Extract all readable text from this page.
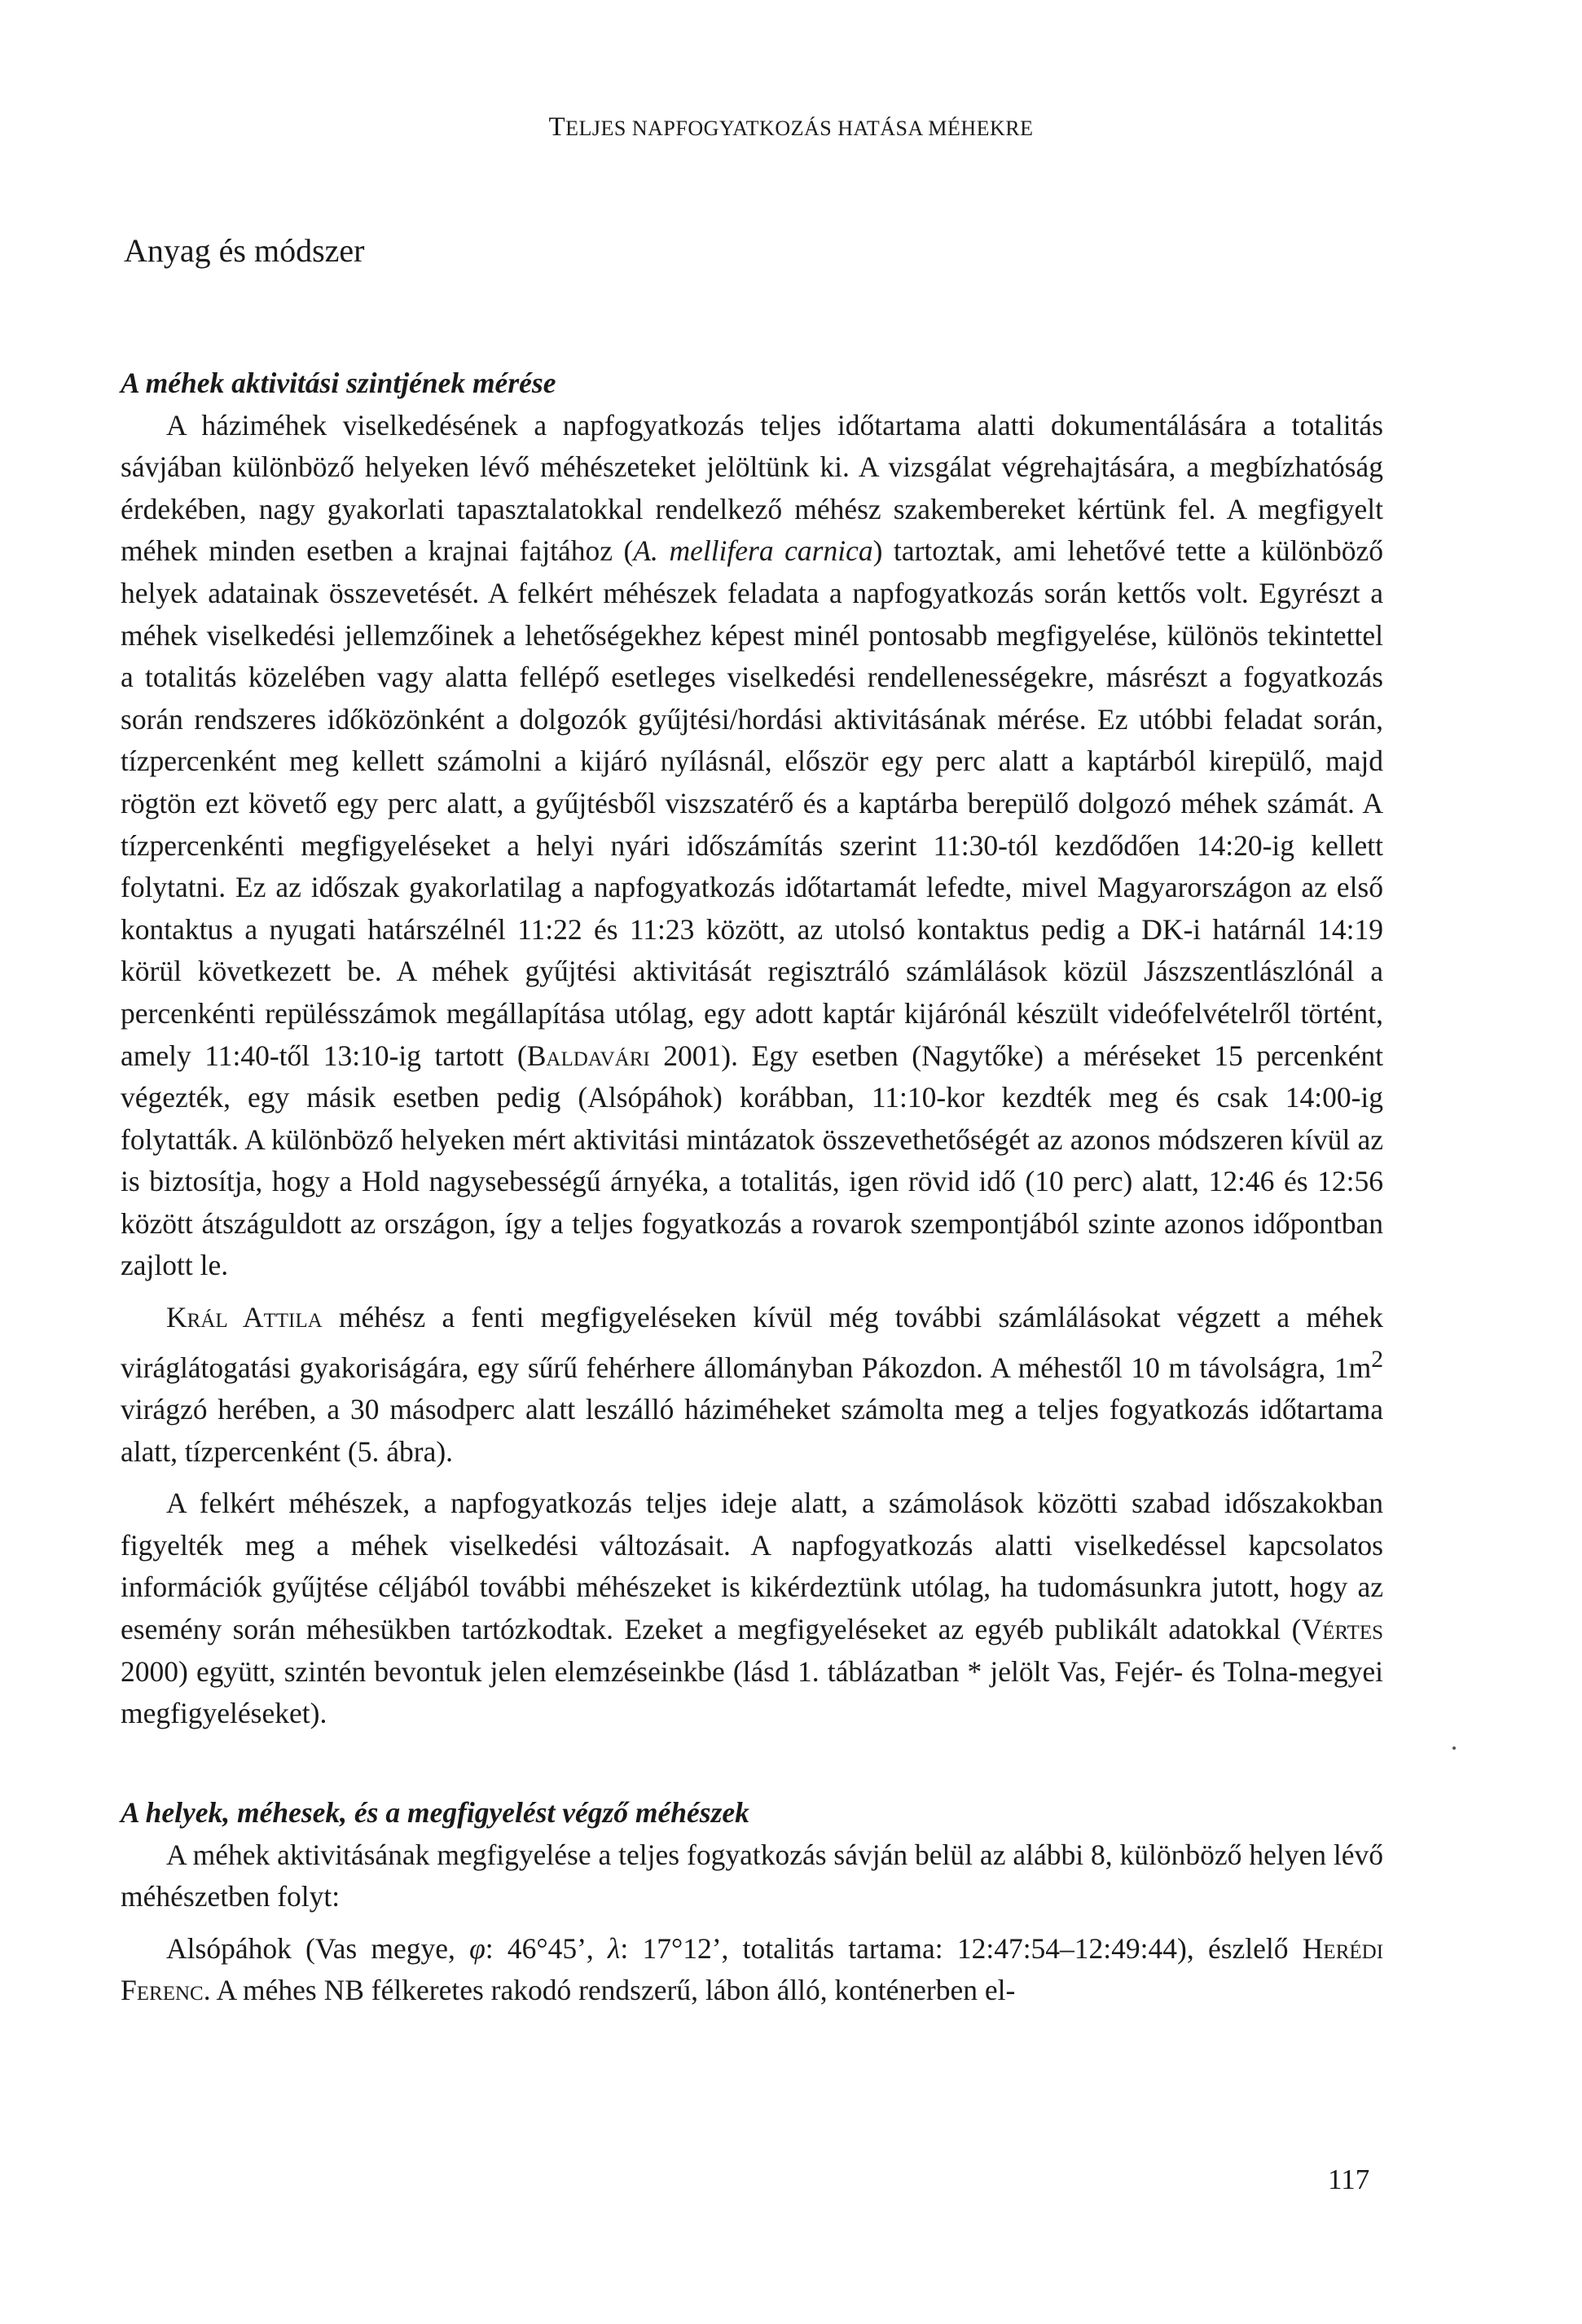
TELJES NAPFOGYATKOZÁS HATÁSA MÉHEKRE
Anyag és módszer
A méhek aktivitási szintjének mérése

A háziméhek viselkedésének a napfogyatkozás teljes időtartama alatti dokumentálására a totalitás sávjában különböző helyeken lévő méhészeteket jelöltünk ki. A vizsgálat végrehajtására, a megbízhatóság érdekében, nagy gyakorlati tapasztalatokkal rendelkező méhész szakembereket kértünk fel. A megfigyelt méhek minden esetben a krajnai fajtához (A. mellifera carnica) tartoztak, ami lehetővé tette a különböző helyek adatainak összevetését. A felkért méhészek feladata a napfogyatkozás során kettős volt. Egyrészt a méhek viselkedési jellemzőinek a lehetőségekhez képest minél pontosabb megfigyelése, különös tekintettel a totalitás közelében vagy alatta fellépő esetleges viselkedési rendellenességekre, másrészt a fogyatkozás során rendszeres időközönként a dolgozók gyűjtési/hordási aktivitásának mérése. Ez utóbbi feladat során, tízpercenként meg kellett számolni a kijáró nyílásnál, először egy perc alatt a kaptárból kirepülő, majd rögtön ezt követő egy perc alatt, a gyűjtésből viszszatérő és a kaptárba berepülő dolgozó méhek számát. A tízpercenkénti megfigyeléseket a helyi nyári időszámítás szerint 11:30-tól kezdődően 14:20-ig kellett folytatni. Ez az időszak gyakorlatilag a napfogyatkozás időtartamát lefedte, mivel Magyarországon az első kontaktus a nyugati határszélnél 11:22 és 11:23 között, az utolsó kontaktus pedig a DK-i határnál 14:19 körül következett be. A méhek gyűjtési aktivitását regisztráló számlálások közül Jászszentlászlónál a percenkénti repülésszámok megállapítása utólag, egy adott kaptár kijárónál készült videófelvételről történt, amely 11:40-től 13:10-ig tartott (Baldavári 2001). Egy esetben (Nagytőke) a méréseket 15 percenként végezték, egy másik esetben pedig (Alsópáhok) korábban, 11:10-kor kezdték meg és csak 14:00-ig folytatták. A különböző helyeken mért aktivitási mintázatok összevethetőségét az azonos módszeren kívül az is biztosítja, hogy a Hold nagysebességű árnyéka, a totalitás, igen rövid idő (10 perc) alatt, 12:46 és 12:56 között átszáguldott az országon, így a teljes fogyatkozás a rovarok szempontjából szinte azonos időpontban zajlott le.

Král Attila méhész a fenti megfigyeléseken kívül még további számlálásokat végzett a méhek viráglátogatási gyakoriságára, egy sűrű fehérhere állományban Pákozdon. A méhestől 10 m távolságra, $1m^2$ virágzó herében, a 30 másodperc alatt leszálló háziméheket számolta meg a teljes fogyatkozás időtartama alatt, tízpercenként (5. ábra).

A felkért méhészek, a napfogyatkozás teljes ideje alatt, a számolások közötti szabad időszakokban figyelték meg a méhek viselkedési változásait. A napfogyatkozás alatti viselkedéssel kapcsolatos információk gyűjtése céljából további méhészeket is kikérdeztünk utólag, ha tudomásunkra jutott, hogy az esemény során méhesükben tartózkodtak. Ezeket a megfigyeléseket az egyéb publikált adatokkal (Vértes 2000) együtt, szintén bevontuk jelen elemzéseinkbe (lásd 1. táblázatban * jelölt Vas, Fejér- és Tolna-megyei megfigyeléseket).

A helyek, méhesek, és a megfigyelést végző méhészek

A méhek aktivitásának megfigyelése a teljes fogyatkozás sávján belül az alábbi 8, különböző helyen lévő méhészetben folyt:

Alsópáhok (Vas megye, φ: 46°45’, λ: 17°12’, totalitás tartama: 12:47:54–12:49:44), észlelő Herédi Ferenc. A méhes NB félkeretes rakodó rendszerű, lábon álló, konténerben el-

117
